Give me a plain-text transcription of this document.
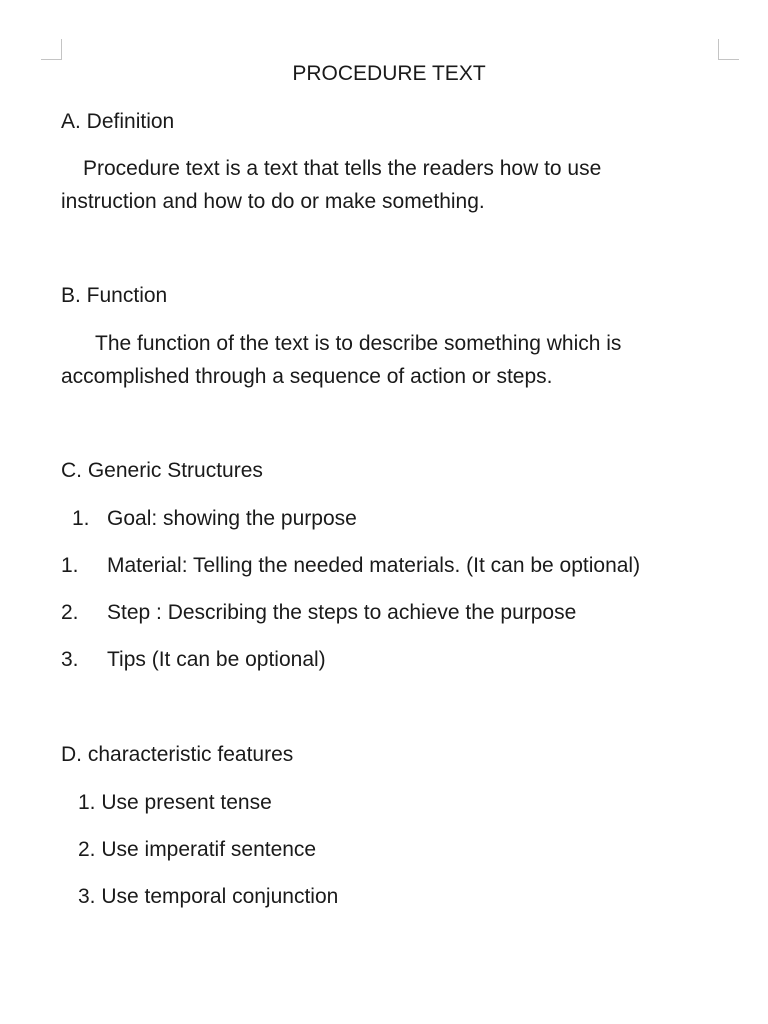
PROCEDURE TEXT
A. Definition
Procedure text is a text that tells the readers how to use
instruction and how to do or make something.
B. Function
The function of the text is to describe something which is
accomplished through a sequence of action or steps.
C. Generic Structures
1. Goal: showing the purpose
1. Material: Telling the needed materials. (It can be optional)
2. Step : Describing the steps to achieve the purpose
3. Tips (It can be optional)
D. characteristic features
1. Use present tense
2. Use imperatif sentence
3. Use temporal conjunction
